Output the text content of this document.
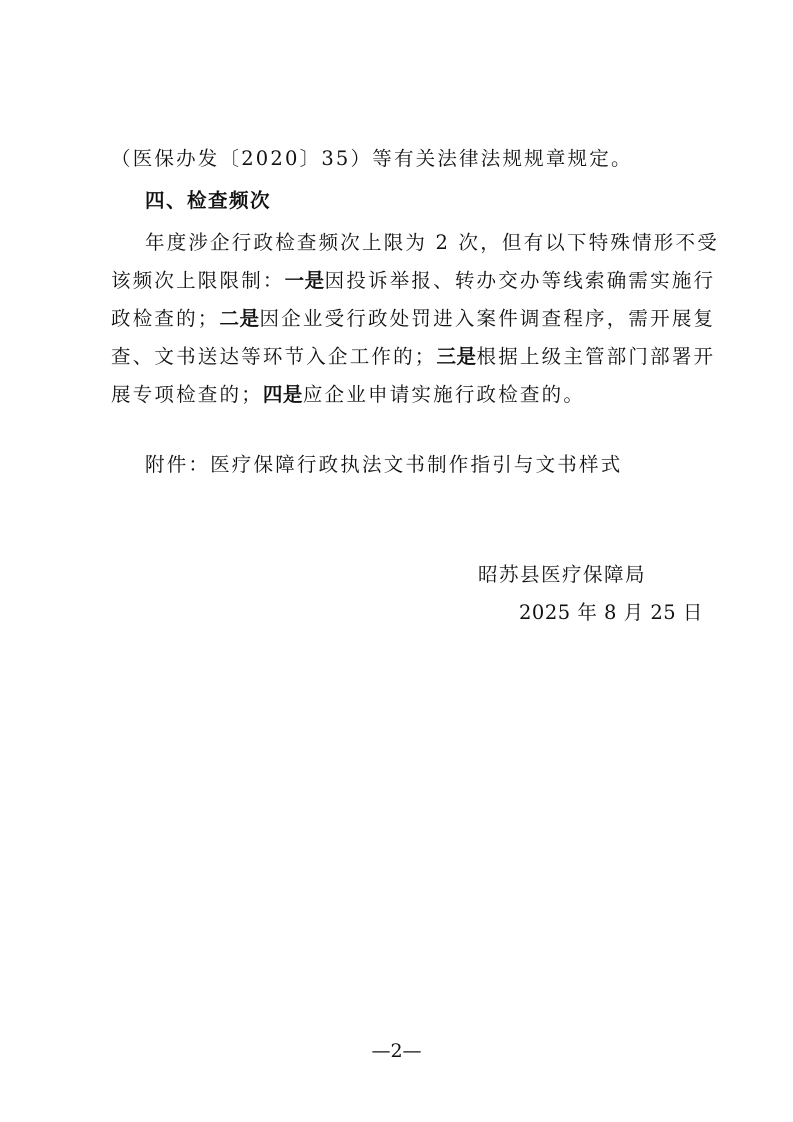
（医保办发〔2020〕35）等有关法律法规规章规定。
四、检查频次
年度涉企行政检查频次上限为 2 次，但有以下特殊情形不受
该频次上限限制：一是因投诉举报、转办交办等线索确需实施行
政检查的；二是因企业受行政处罚进入案件调查程序，需开展复
查、文书送达等环节入企工作的；三是根据上级主管部门部署开
展专项检查的；四是应企业申请实施行政检查的。
附件：医疗保障行政执法文书制作指引与文书样式
昭苏县医疗保障局
2025 年 8 月 25 日
—2—
